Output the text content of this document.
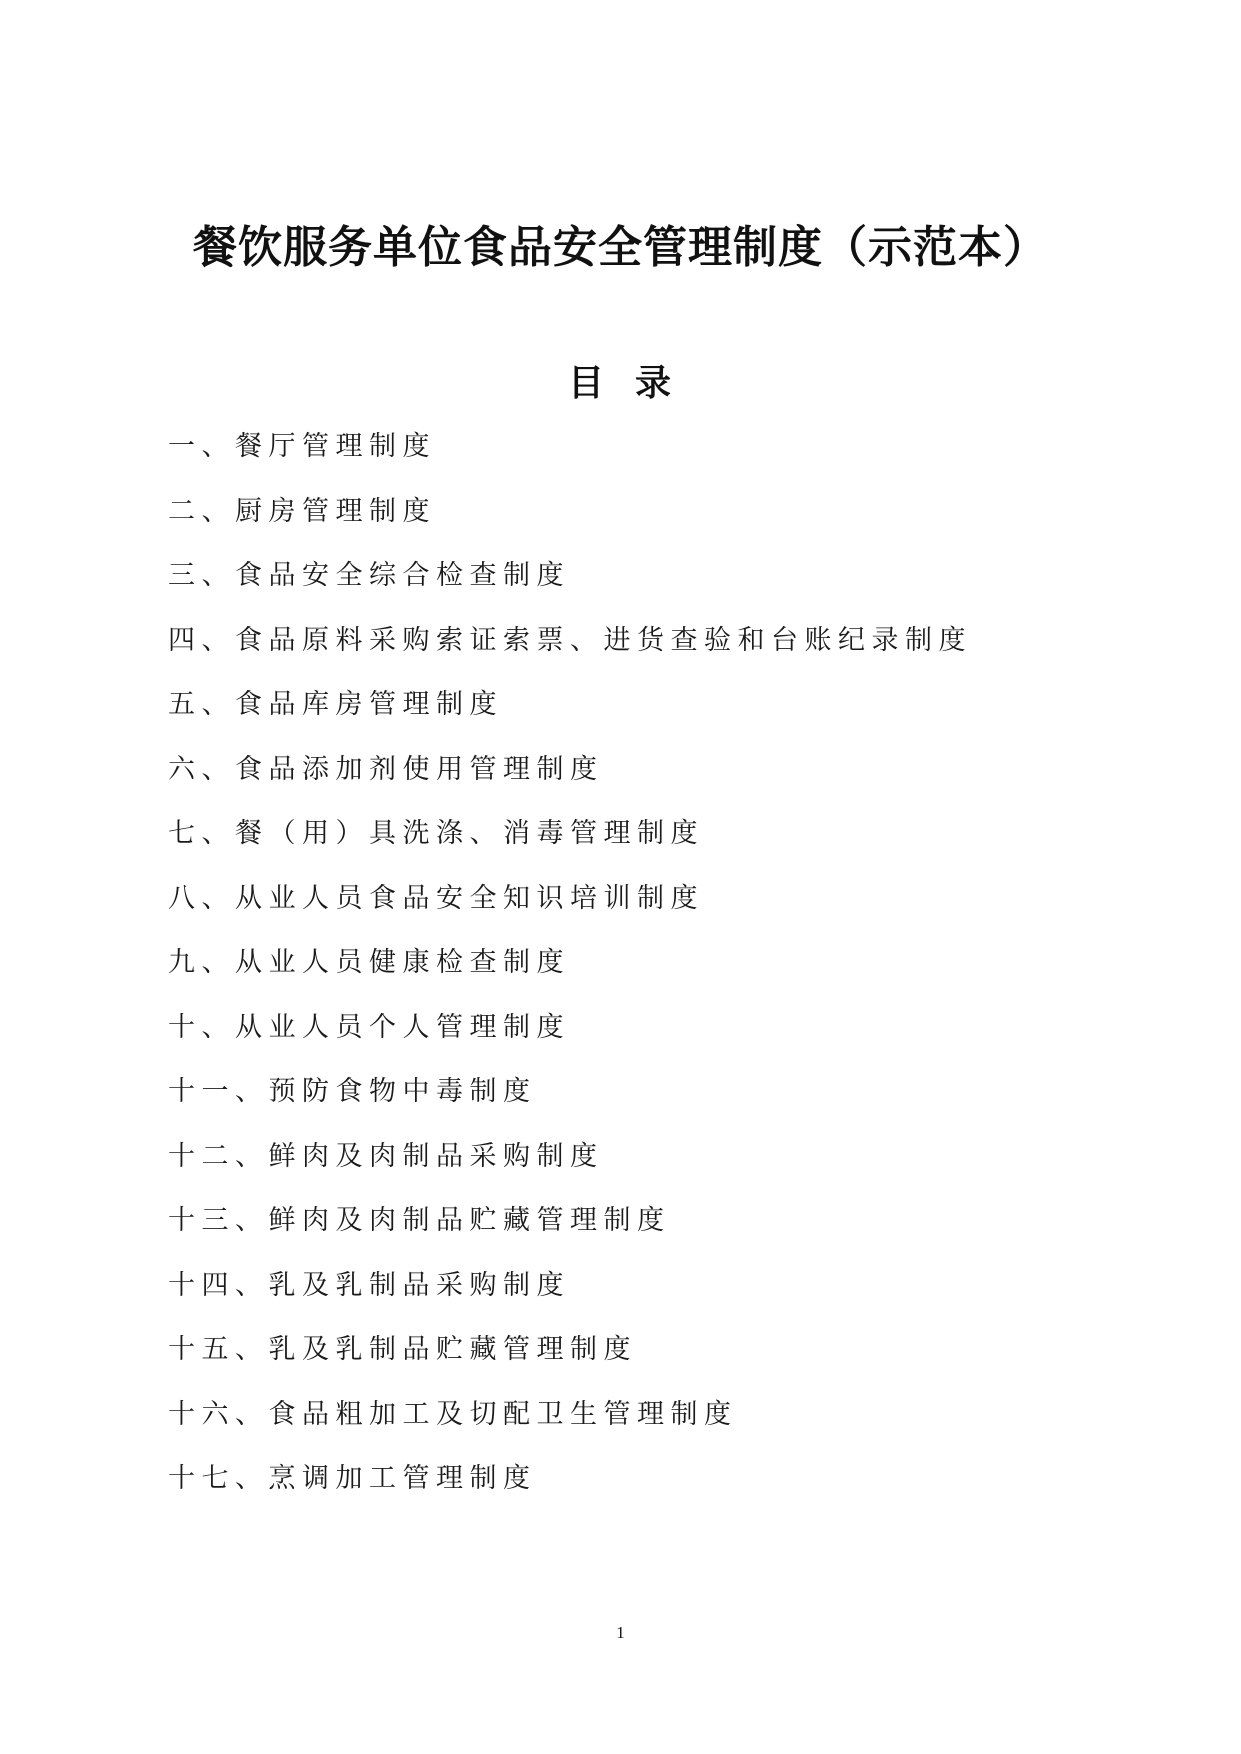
餐饮服务单位食品安全管理制度（示范本）
目  录
一、餐厅管理制度
二、厨房管理制度
三、食品安全综合检查制度
四、食品原料采购索证索票、进货查验和台账纪录制度
五、食品库房管理制度
六、食品添加剂使用管理制度
七、餐（用）具洗涤、消毒管理制度
八、从业人员食品安全知识培训制度
九、从业人员健康检查制度
十、从业人员个人管理制度
十一、预防食物中毒制度
十二、鲜肉及肉制品采购制度
十三、鲜肉及肉制品贮藏管理制度
十四、乳及乳制品采购制度
十五、乳及乳制品贮藏管理制度
十六、食品粗加工及切配卫生管理制度
十七、烹调加工管理制度
1
